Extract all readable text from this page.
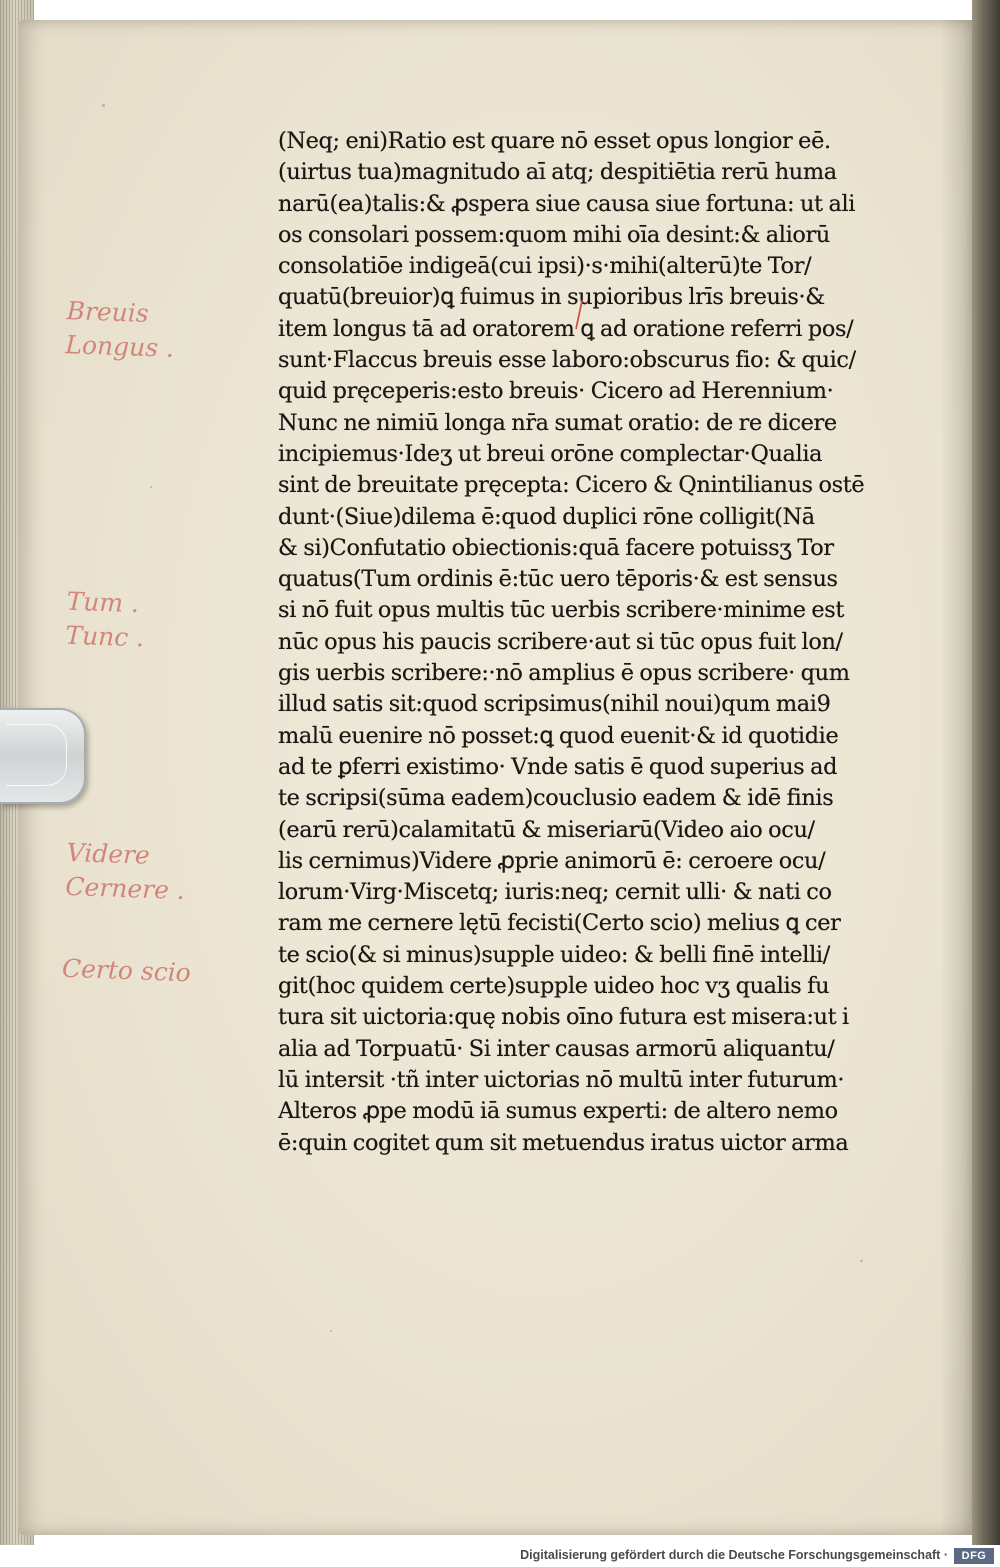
(Neq; eni)Ratio est quare nō esset opus longior eē.
(uirtus tua)magnitudo aī atq; despitiētia rerū huma
narū(ea)talis:& ꝓspera siue causa siue fortuna: ut ali
os consolari possem:quom mihi oīa desint:& aliorū
consolatiōe indigeā(cui ipsi)·s·mihi(alterū)te Tor/
quatū(breuior)ꝗ fuimus in supioribus lrīs breuis·&
item longus tā ad oratorem ꝗ ad oratione referri pos/
sunt·Flaccus breuis esse laboro:obscurus fio: & quic/
quid pręceperis:esto breuis· Cicero ad Herennium·
Nunc ne nimiū longa nr̄a sumat oratio: de re dicere
incipiemus·Ideʒ ut breui orōne complectar·Qualia
sint de breuitate pręcepta: Cicero & Qnintilianus ostē
dunt·(Siue)dilema ē:quod duplici rōne colligit(Nā
& si)Confutatio obiectionis:quā facere potuissʒ Tor
quatus(Tum ordinis ē:tūc uero tēporis·& est sensus
si nō fuit opus multis tūc uerbis scribere·minime est
nūc opus his paucis scribere·aut si tūc opus fuit lon/
gis uerbis scribere:·nō amplius ē opus scribere· qum
illud satis sit:quod scripsimus(nihil noui)qum mai9
malū euenire nō posset:ꝗ quod euenit·& id quotidie
ad te ꝑferri existimo· Vnde satis ē quod superius ad
te scripsi(sūma eadem)couclusio eadem & idē finis
(earū rerū)calamitatū & miseriarū(Video aio ocu/
lis cernimus)Videre ꝓprie animorū ē: ceroere ocu/
lorum·Virg·Miscetq; iuris:neq; cernit ulli· & nati co
ram me cernere lętū fecisti(Certo scio) melius ꝗ cer
te scio(& si minus)supple uideo: & belli finē intelli/
git(hoc quidem certe)supple uideo hoc vʒ qualis fu
tura sit uictoria:quę nobis oīno futura est misera:ut i
alia ad Torpuatū· Si inter causas armorū aliquantu/
lū intersit ·tñ inter uictorias nō multū inter futurum·
Alteros ꝓpe modū iā sumus experti: de altero nemo
ē:quin cogitet qum sit metuendus iratus uictor arma
Breuis
Longus .
Tum .
Tunc .
Videre
Cernere .
Certo scio
Digitalisierung gefördert durch die Deutsche Forschungsgemeinschaft ·	DFG
